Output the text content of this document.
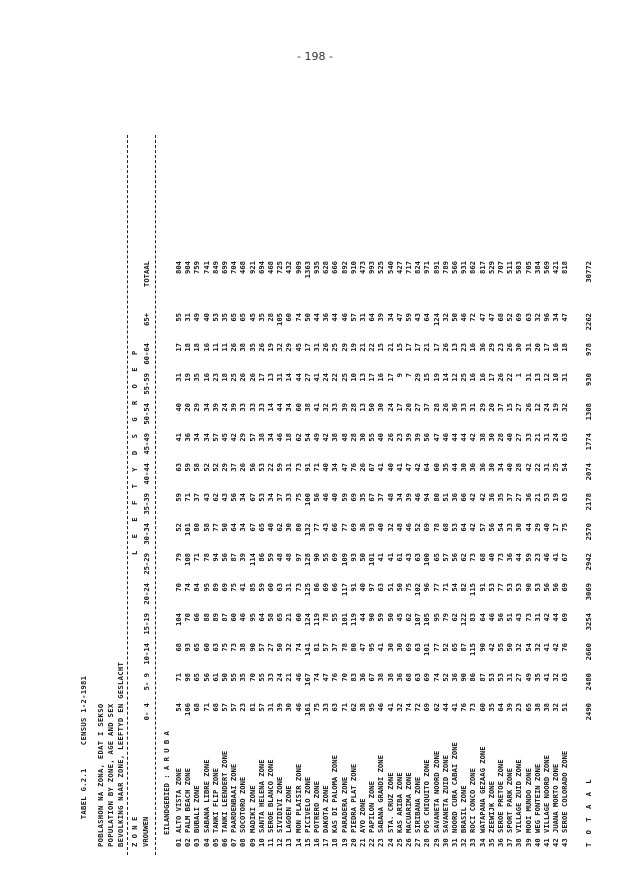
- 198 -

TABEL G.2.1     CENSUS 1-2-1981
POBLASHON NA ZONA, EDAT I SEKSO POPULATION BY ZONE, AGE AND SEX BEVOLKING NAAR ZONE, LEEFTYD EN GESLACHT Z O N E VROUWEN
L E E F T Y D S G R O E P
0- 4
5- 9
10-14
15-19
20-24
25-29
30-34
35-39
40-44
45-49
50-54
55-59
60-64
65+
TOTAAL
EILANDGEBIED : A R U B A
01
ALTO VISTA ZONE
54
71
68
104
70
79
52
59
63
41
40
31
17
55
804
02
PALM BEACH ZONE
106
98
93
70
74
108
101
71
59
36
20
19
18
31
904
03
BUBALI ZONE
68
65
65
66
84
71
80
37
58
34
29
35
18
49
759
04
SABANA LIBRE ZONE
71
56
60
88
95
78
58
43
52
34
34
16
16
40
741
05
TANKI FLIP ZONE
68
61
63
89
89
94
77
62
52
57
39
23
11
53
849
06
TANKI LEENDERT ZONE
57
50
75
87
69
56
50
43
29
45
24
18
11
35
699
07
PAARDENBAAI ZONE
57
55
73
60
75
87
64
56
37
42
39
25
26
65
704
08
SOCOTORO ZONE
23
35
38
46
41
39
34
34
26
29
33
26
38
65
468
09
MADIKI ZONE
81
70
90
95
85
114
67
67
56
57
33
26
35
45
921
10
SANTA HELENA ZONE
57
55
57
64
59
86
65
53
53
38
33
17
26
35
694
11
SEROE BLANCO ZONE
31
33
27
58
60
59
40
34
22
34
14
13
19
28
468
12
SIVIDIVI ZONE
39
24
50
65
63
48
62
37
59
46
44
31
32
105
725
13
LAGOEN ZONE
30
21
32
21
31
48
30
33
31
18
34
14
29
60
432
14
MON PLAISIR ZONE
46
46
74
60
73
97
80
75
73
62
60
44
45
74
909
15
PICIVELO ZONE
161
167
141
124
125
128
132
100
91
54
38
27
17
50
1363
16
POTRERO ZONE
75
74
81
119
86
90
77
56
71
49
41
41
31
44
935
17
DAKOTA ZONE
33
47
57
78
69
55
43
46
40
42
32
24
26
36
628
18
KAS DI PALOMA ZONE
63
76
37
55
66
69
66
40
34
38
33
22
25
44
666
19
PARADERA ZONE
71
70
78
101
117
109
77
59
47
48
39
25
29
46
892
20
PIEDRA PLAT ZONE
62
83
80
119
91
93
69
69
76
28
28
10
19
57
910
21
AYO ZONE
38
36
47
44
40
50
36
35
26
30
13
13
21
31
473
22
PAPILON ZONE
95
67
95
90
97
101
93
67
67
55
50
17
22
64
993
23
SABANA GRANDI ZONE
46
38
41
59
63
41
40
37
41
40
30
16
15
39
525
24
STA. CRUZ ZONE
41
38
30
50
51
41
32
48
40
26
24
17
21
34
540
25
KAS ARIBA ZONE
32
36
30
45
50
61
48
34
41
23
17
9
15
47
427
26
MACUARIMA ZONE
74
68
69
62
75
43
46
39
47
39
20
7
17
59
717
27
SIRIBANA ZONE
72
63
63
107
102
63
52
46
42
39
27
29
17
43
824
28
POS CHIQUITO ZONE
69
69
101
105
96
100
69
94
64
56
37
15
21
64
971
29
SAVANETA NOORD ZONE
62
74
77
95
77
65
78
80
60
47
28
19
17
124
891
30
SAVANETA ZUID ZONE
44
52
52
79
71
57
68
51
35
46
26
14
26
32
789
31
NOORD CURA CABAI ZONE
41
36
65
62
54
56
53
36
44
44
36
12
13
50
566
32
BRASIL ZONE
76
90
87
122
82
62
64
66
30
44
33
25
23
46
931
33
ROCI CONCO ZONE
73
86
115
83
115
73
42
42
36
42
31
16
16
72
862
34
WATAPANA GEZAAG ZONE
60
87
90
64
91
68
57
42
36
38
29
16
36
47
817
35
ZEEWIJK ZONE
35
53
42
46
53
40
56
36
30
30
20
17
29
47
529
36
SEROE PRETOE ZONE
64
53
55
56
77
73
54
35
34
28
37
26
23
68
707
37
SPORT PARK ZONE
39
31
50
51
53
36
33
37
40
40
15
22
26
52
511
38
VILLAGE ZUID ZONE
23
27
32
43
53
44
30
27
28
27
27
1
30
69
503
39
MOOI MUNDO ZONE
65
49
54
73
90
59
44
36
42
33
26
31
31
63
705
40
WEG FONTEIN ZONE
38
35
32
31
53
23
29
21
22
21
12
13
20
32
384
41
VILLAGE NOORD ZONE
38
41
41
42
56
46
40
53
31
31
24
12
17
96
569
42
JUANA MORTO ZONE
32
32
42
44
56
41
17
19
25
24
19
10
16
34
421
43
SEROE COLORADO ZONE
51
63
76
69
69
67
75
63
54
63
32
31
18
47
818
T O T A A L
2490
2480
2660
3254
3069
2942
2570
2178
2074
1774
1308
930
978
2262
30772
